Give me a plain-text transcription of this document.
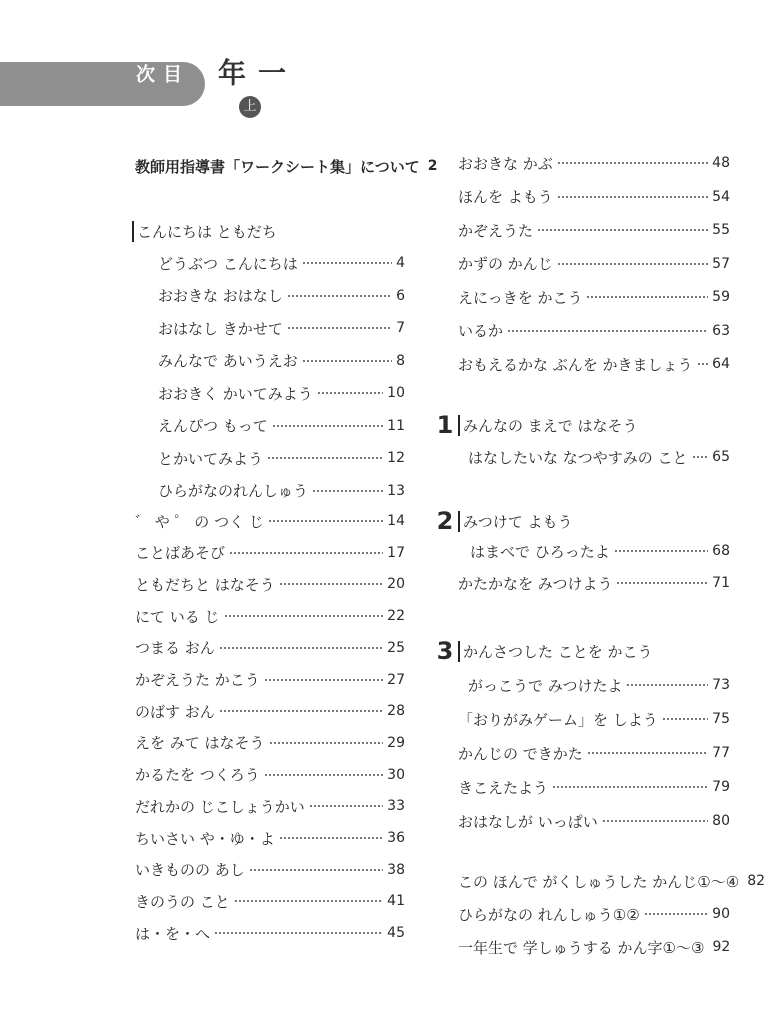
目次	一年
上
教師用指導書「ワークシート集」について 2
こんにちは ともだち
どうぶつ こんにちは	4
おおきな おはなし	6
おはなし きかせて	7
みんなで あいうえお	8
おおきく かいてみよう	10
えんぴつ もって	11
とかいてみよう	12
ひらがなのれんしゅう	13
゛ や ゜ の つく じ	14
ことばあそび	17
ともだちと はなそう	20
にて いる じ	22
つまる おん	25
かぞえうた かこう	27
のばす おん	28
えを みて はなそう	29
かるたを つくろう	30
だれかの じこしょうかい	33
ちいさい や・ゆ・よ	36
いきものの あし	38
きのうの こと	41
は・を・へ	45
おおきな かぶ	48
ほんを よもう	54
かぞえうた	55
かずの かんじ	57
えにっきを かこう	59
いるか	63
おもえるかな ぶんを かきましょう 64
1 みんなの まえで はなそう
はなしたいな なつやすみの こと 65
2 みつけて よもう
はまべで ひろったよ	68
かたかなを みつけよう	71
3 かんさつした ことを かこう
がっこうで みつけたよ	73
「おりがみゲーム」を しよう	75
かんじの できかた	77
きこえたよう	79
おはなしが いっぱい	80
この ほんで がくしゅうした かんじ①〜④ 82
ひらがなの れんしゅう①②	90
一年生で 学しゅうする かん字①〜③ 92
